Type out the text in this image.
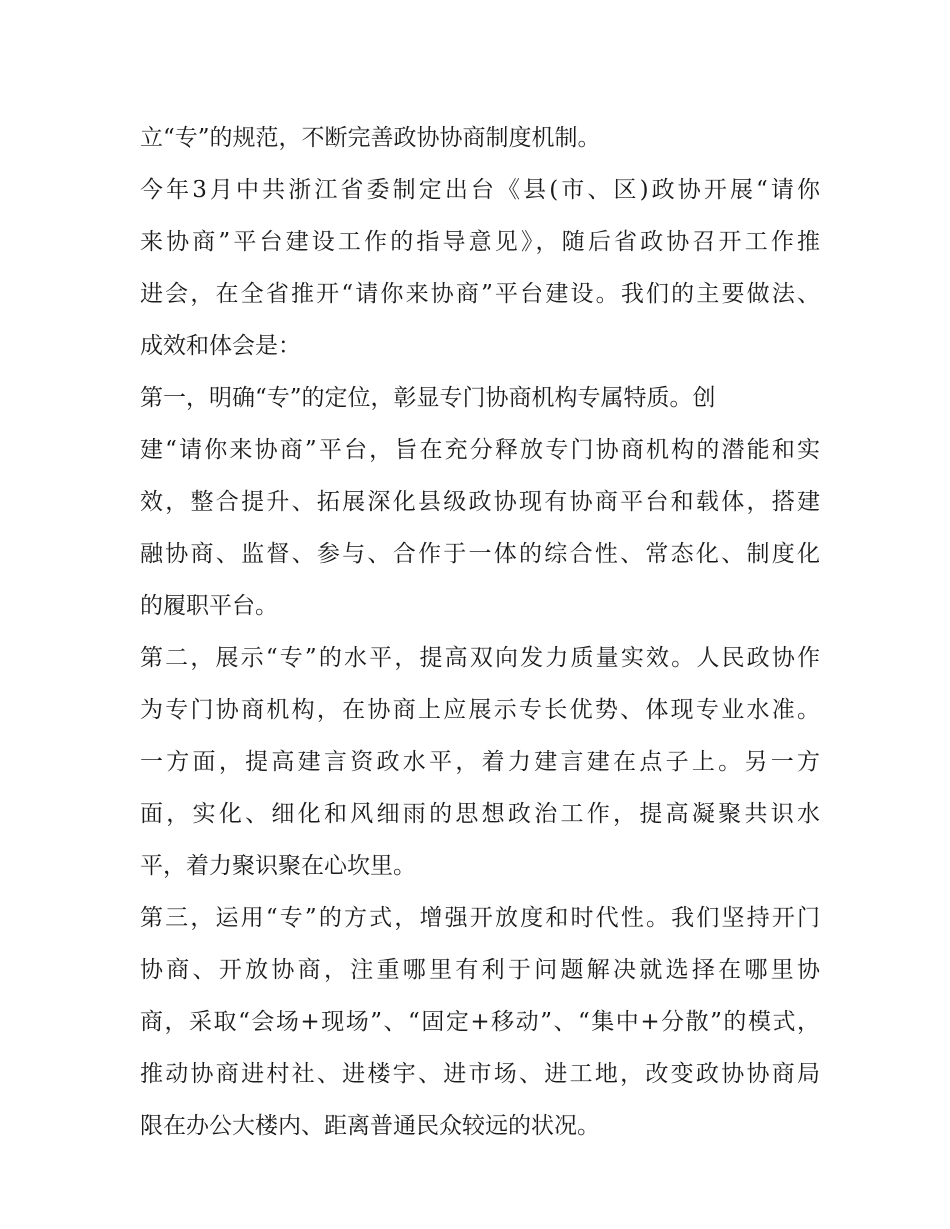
立“专”的规范，不断完善政协协商制度机制。
今年3月中共浙江省委制定出台《县(市、区)政协开展“请你
来协商”平台建设工作的指导意见》，随后省政协召开工作推
进会，在全省推开“请你来协商”平台建设。我们的主要做法、
成效和体会是：
第一，明确“专”的定位，彰显专门协商机构专属特质。创
建“请你来协商”平台，旨在充分释放专门协商机构的潜能和实
效，整合提升、拓展深化县级政协现有协商平台和载体，搭建
融协商、监督、参与、合作于一体的综合性、常态化、制度化
的履职平台。
第二，展示“专”的水平，提高双向发力质量实效。人民政协作
为专门协商机构，在协商上应展示专长优势、体现专业水准。
一方面，提高建言资政水平，着力建言建在点子上。另一方
面，实化、细化和风细雨的思想政治工作，提高凝聚共识水
平，着力聚识聚在心坎里。
第三，运用“专”的方式，增强开放度和时代性。我们坚持开门
协商、开放协商，注重哪里有利于问题解决就选择在哪里协
商，采取“会场+现场”、“固定+移动”、“集中+分散”的模式，
推动协商进村社、进楼宇、进市场、进工地，改变政协协商局
限在办公大楼内、距离普通民众较远的状况。
